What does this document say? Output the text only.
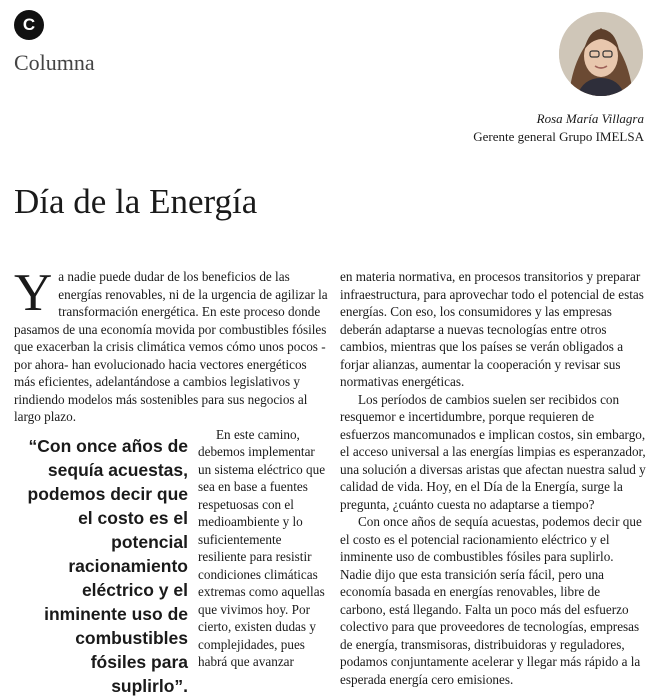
C
Columna
Rosa María Villagra
Gerente general Grupo IMELSA
Día de la Energía
Y a nadie puede dudar de los beneficios de las energías renovables, ni de la urgencia de agilizar la transformación energética. En este proceso donde pasamos de una economía movida por combustibles fósiles que exacerban la crisis climática vemos cómo unos pocos -por ahora- han evolucionado hacia vectores energéticos más eficientes, adelantándose a cambios legislativos y rindiendo modelos más sostenibles para sus negocios al largo plazo.

“Con once años de sequía acuestas, podemos decir que el costo es el potencial racionamiento eléctrico y el inminente uso de combustibles fósiles para suplirlo”.

En este camino, debemos implementar un sistema eléctrico que sea en base a fuentes respetuosas con el medioambiente y lo suficientemente resiliente para resistir condiciones climáticas extremas como aquellas que vivimos hoy. Por cierto, existen dudas y complejidades, pues habrá que avanzar

en materia normativa, en procesos transitorios y preparar infraestructura, para aprovechar todo el potencial de estas energías. Con eso, los consumidores y las empresas deberán adaptarse a nuevas tecnologías entre otros cambios, mientras que los países se verán obligados a forjar alianzas, aumentar la cooperación y revisar sus normativas energéticas.

Los períodos de cambios suelen ser recibidos con resquemor e incertidumbre, porque requieren de esfuerzos mancomunados e implican costos, sin embargo, el acceso universal a las energías limpias es esperanzador, una solución a diversas aristas que afectan nuestra salud y calidad de vida. Hoy, en el Día de la Energía, surge la pregunta, ¿cuánto cuesta no adaptarse a tiempo?

Con once años de sequía acuestas, podemos decir que el costo es el potencial racionamiento eléctrico y el inminente uso de combustibles fósiles para suplirlo. Nadie dijo que esta transición sería fácil, pero una economía basada en energías renovables, libre de carbono, está llegando. Falta un poco más del esfuerzo colectivo para que proveedores de tecnologías, empresas de energía, transmisoras, distribuidoras y reguladores, podamos conjuntamente acelerar y llegar más rápido a la esperada energía cero emisiones.
